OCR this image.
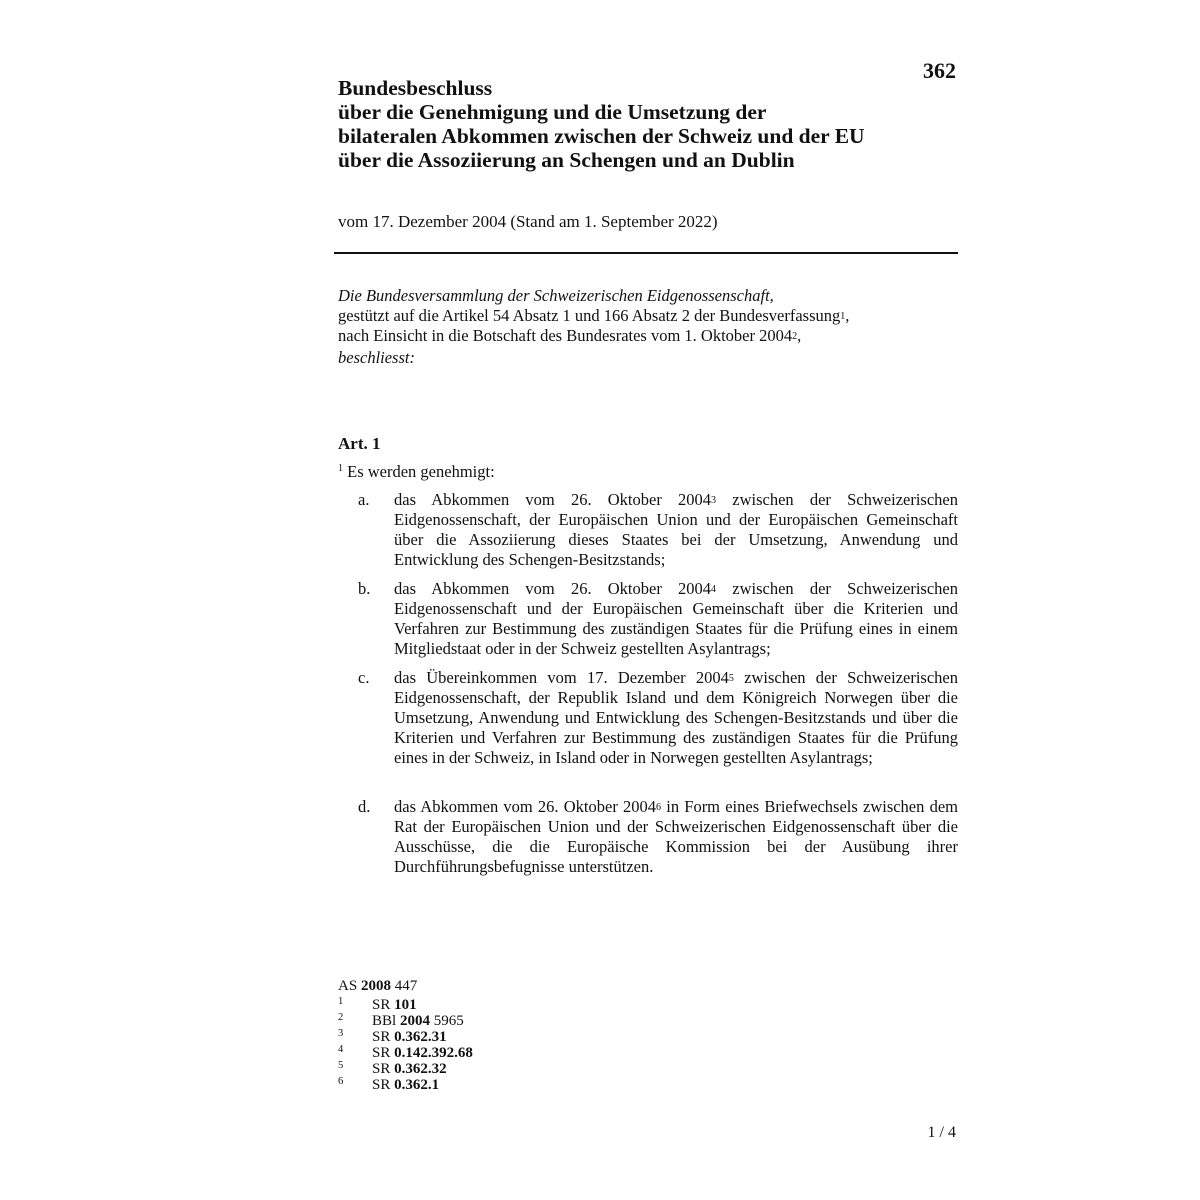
362
Bundesbeschluss
über die Genehmigung und die Umsetzung der
bilateralen Abkommen zwischen der Schweiz und der EU
über die Assoziierung an Schengen und an Dublin
vom 17. Dezember 2004 (Stand am 1. September 2022)
Die Bundesversammlung der Schweizerischen Eidgenossenschaft,
gestützt auf die Artikel 54 Absatz 1 und 166 Absatz 2 der Bundesverfassung$^1$,
nach Einsicht in die Botschaft des Bundesrates vom 1. Oktober 2004$^2$,
beschliesst:
Art. 1
$^1$ Es werden genehmigt:
a. das Abkommen vom 26. Oktober 2004$^3$ zwischen der Schweizerischen Eidgenossenschaft, der Europäischen Union und der Europäischen Gemeinschaft über die Assoziierung dieses Staates bei der Umsetzung, Anwendung und Entwicklung des Schengen-Besitzstands;
b. das Abkommen vom 26. Oktober 2004$^4$ zwischen der Schweizerischen Eidgenossenschaft und der Europäischen Gemeinschaft über die Kriterien und Verfahren zur Bestimmung des zuständigen Staates für die Prüfung eines in einem Mitgliedstaat oder in der Schweiz gestellten Asylantrags;
c. das Übereinkommen vom 17. Dezember 2004$^5$ zwischen der Schweizerischen Eidgenossenschaft, der Republik Island und dem Königreich Norwegen über die Umsetzung, Anwendung und Entwicklung des Schengen-Besitzstands und über die Kriterien und Verfahren zur Bestimmung des zuständigen Staates für die Prüfung eines in der Schweiz, in Island oder in Norwegen gestellten Asylantrags;
d. das Abkommen vom 26. Oktober 2004$^6$ in Form eines Briefwechsels zwischen dem Rat der Europäischen Union und der Schweizerischen Eidgenossenschaft über die Ausschüsse, die die Europäische Kommission bei der Ausübung ihrer Durchführungsbefugnisse unterstützen.
AS 2008 447
1 SR 101
2 BBl 2004 5965
3 SR 0.362.31
4 SR 0.142.392.68
5 SR 0.362.32
6 SR 0.362.1
1 / 4
